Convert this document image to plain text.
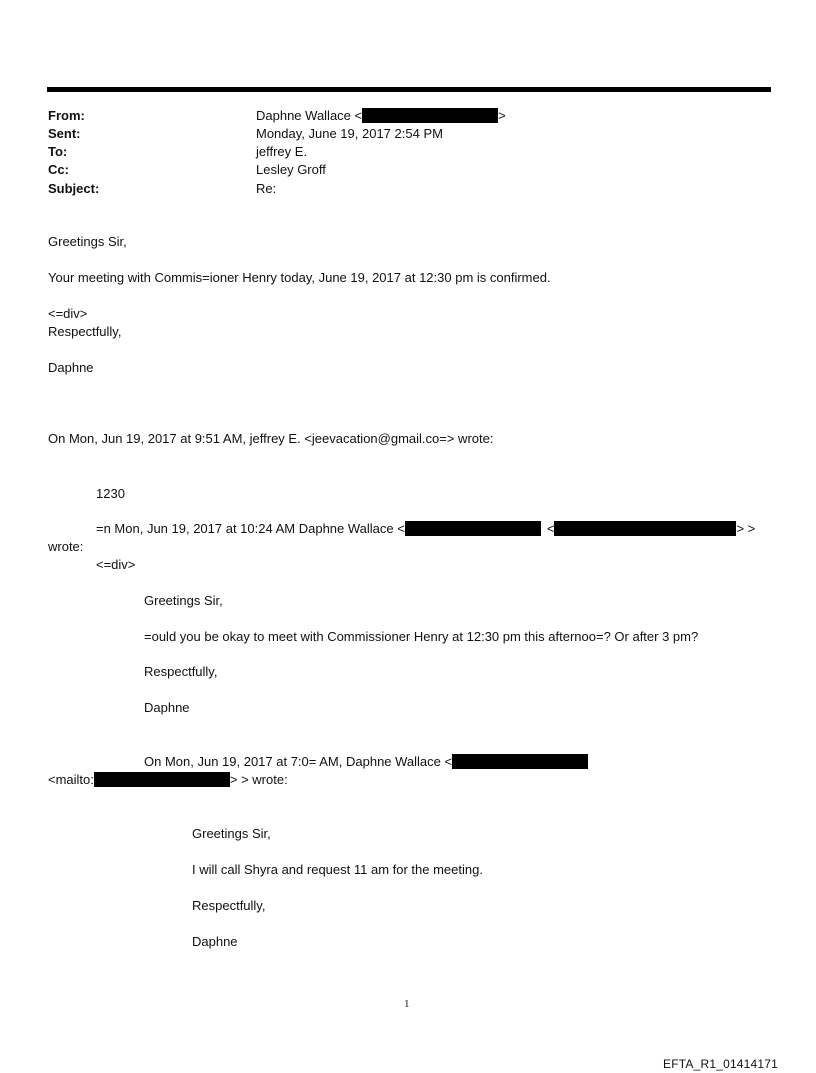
From:	Daphne Wallace <	>
Sent:	Monday, June 19, 2017 2:54 PM
To:	jeffrey E.
Cc:	Lesley Groff
Subject:	Re:
Greetings Sir,
Your meeting with Commis=ioner Henry today, June 19, 2017 at 12:30 pm is confirmed.
<=div>
Respectfully,
Daphne
On Mon, Jun 19, 2017 at 9:51 AM, jeffrey E. <jeevacation@gmail.co=> wrote:
1230
=n Mon, Jun 19, 2017 at 10:24 AM Daphne Wallace <	<	> >
wrote:
<=div>
Greetings Sir,
=ould you be okay to meet with Commissioner Henry at 12:30 pm this afternoo=? Or after 3 pm?
Respectfully,
Daphne
On Mon, Jun 19, 2017 at 7:0= AM, Daphne Wallace <
<mailto:	> > wrote:
Greetings Sir,
I will call Shyra and request 11 am for the meeting.
Respectfully,
Daphne
1
EFTA_R1_01414171
